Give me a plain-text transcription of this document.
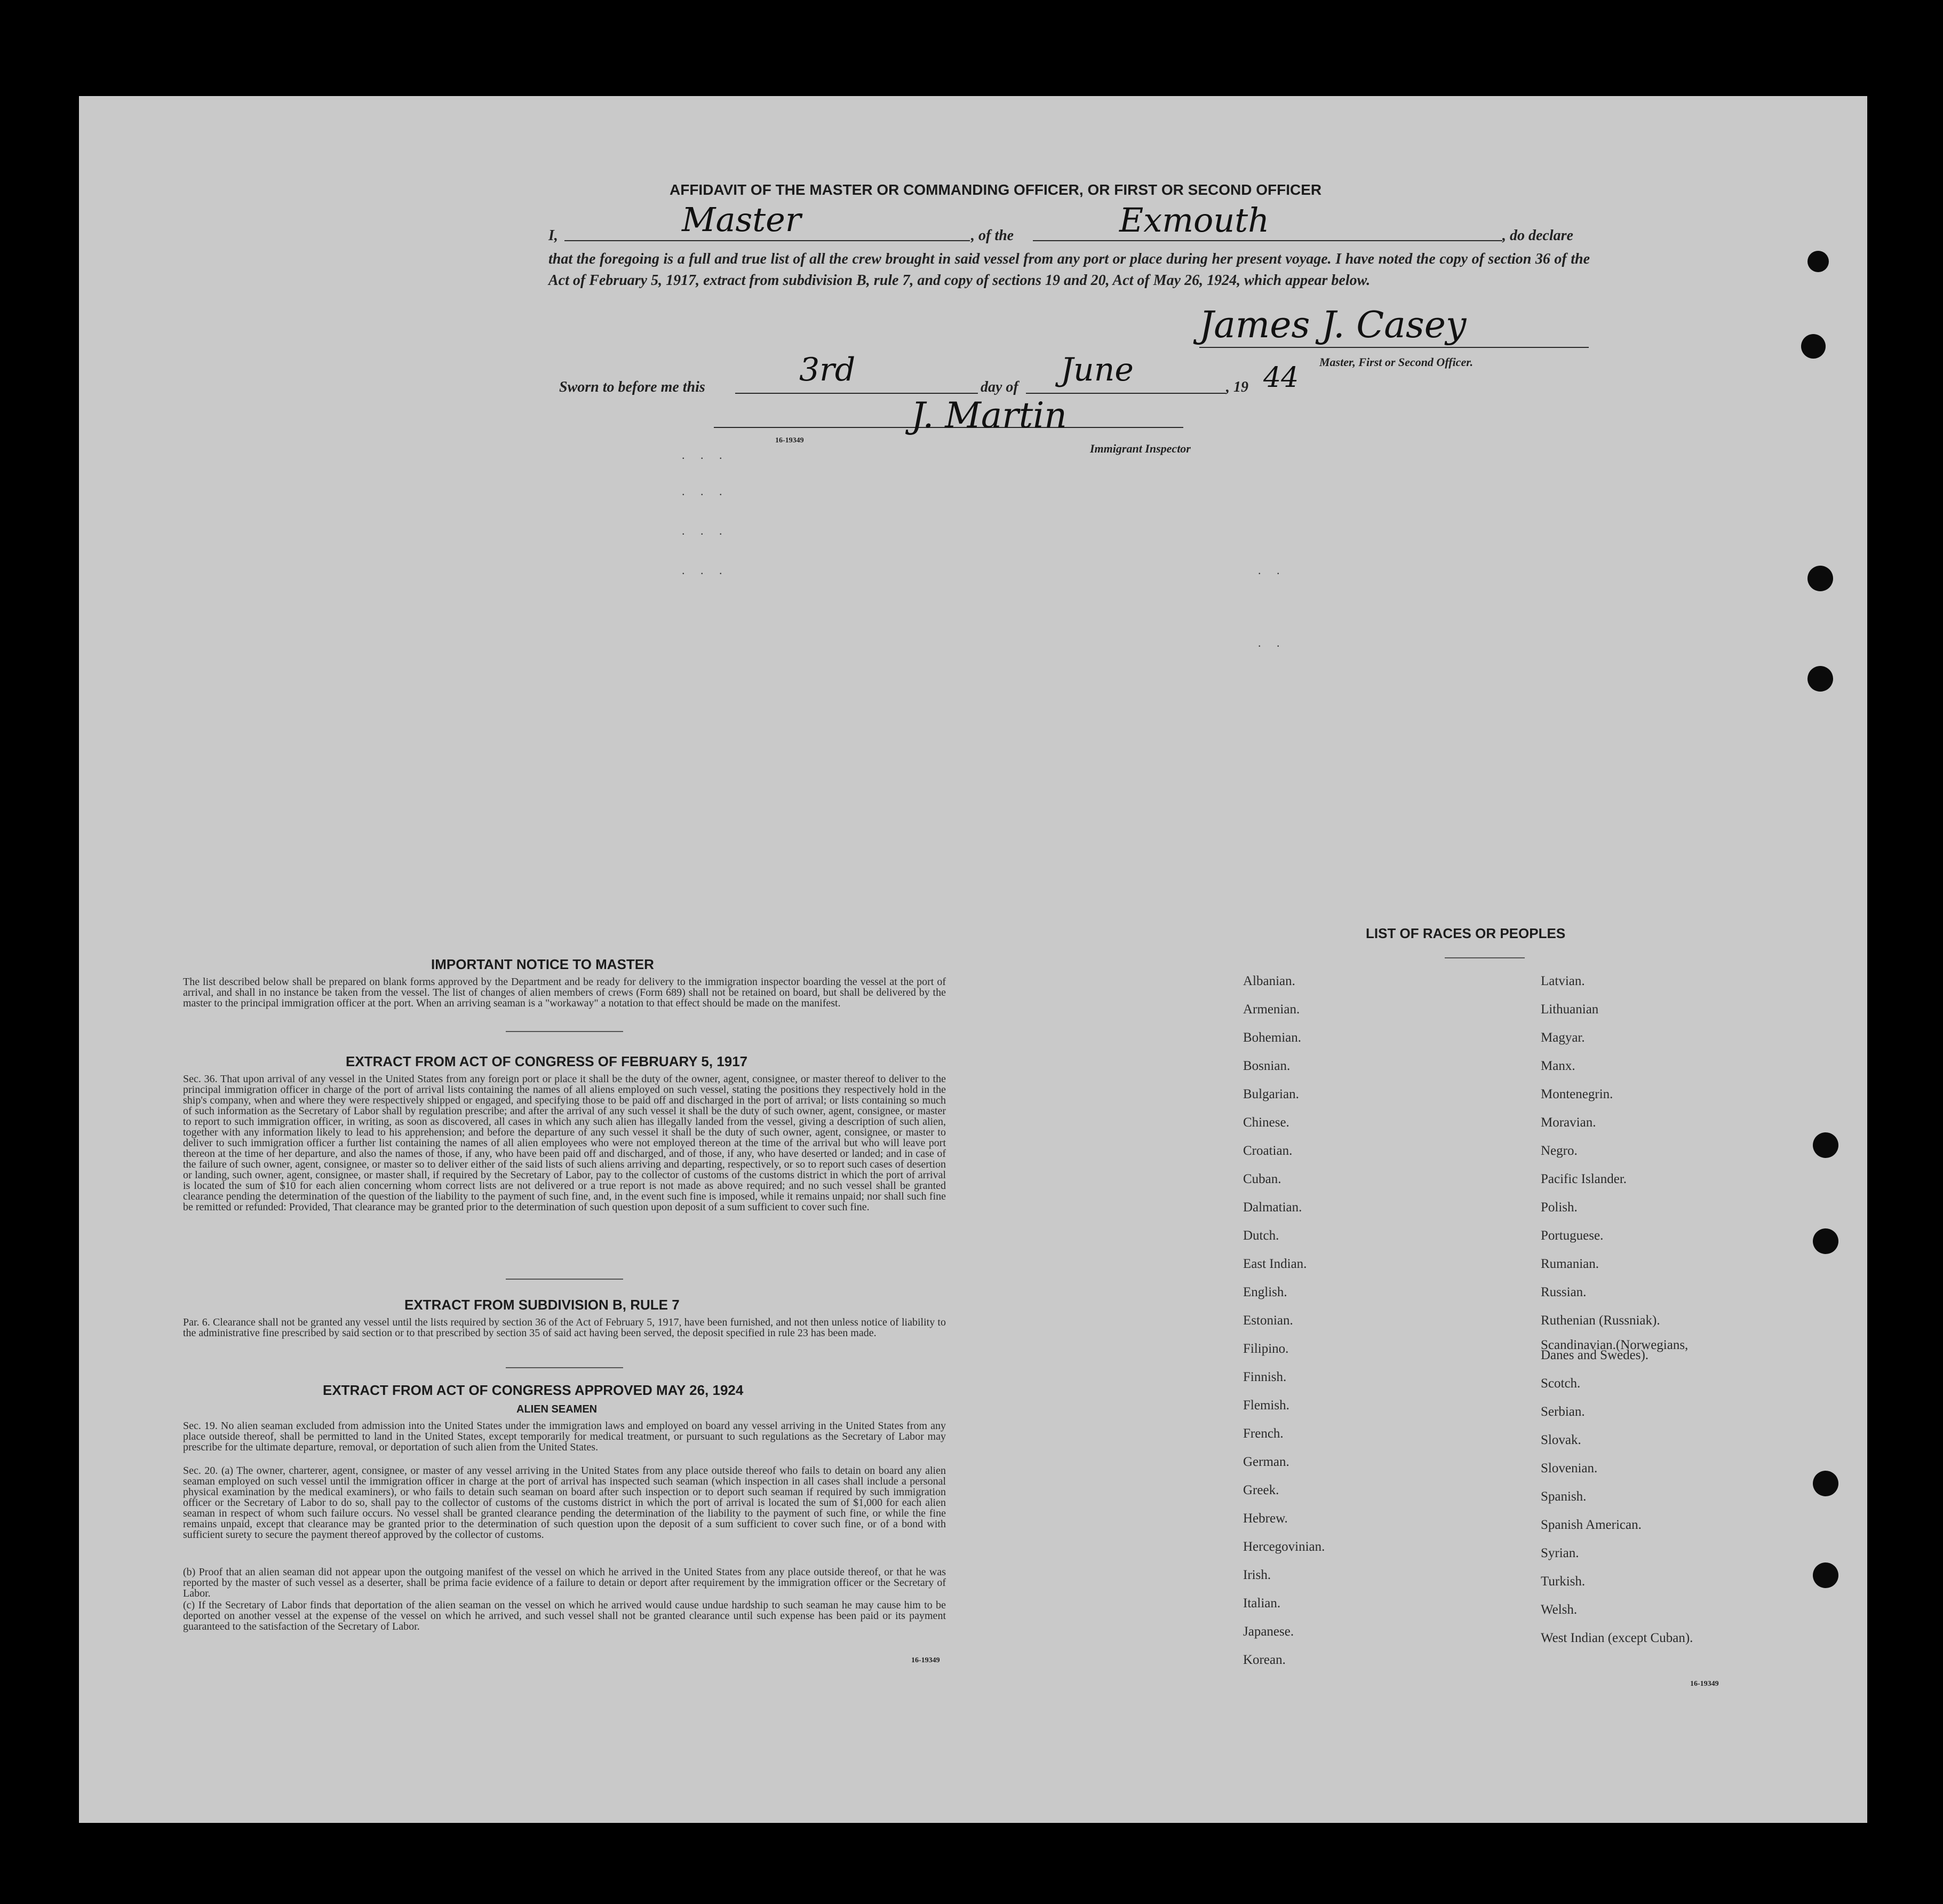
AFFIDAVIT OF THE MASTER OR COMMANDING OFFICER, OR FIRST OR SECOND OFFICER
I,	Master	, of the	Exmouth	, do declare
that the foregoing is a full and true list of all the crew brought in said vessel from any port or place during her present voyage. I have noted the copy of section 36 of the Act of February 5, 1917, extract from subdivision B, rule 7, and copy of sections 19 and 20, Act of May 26, 1924, which appear below.
James J. Casey
Master, First or Second Officer.
Sworn to before me this	3rd	day of June	, 19 44
J. Martin
16-19349
Immigrant Inspector
. . .
. . .
. . .
. . .	. .
. .
IMPORTANT NOTICE TO MASTER
The list described below shall be prepared on blank forms approved by the Department and be ready for delivery to the immigration inspector boarding the vessel at the port of arrival, and shall in no instance be taken from the vessel. The list of changes of alien members of crews (Form 689) shall not be retained on board, but shall be delivered by the master to the principal immigration officer at the port. When an arriving seaman is a "workaway" a notation to that effect should be made on the manifest.
EXTRACT FROM ACT OF CONGRESS OF FEBRUARY 5, 1917
Sec. 36. That upon arrival of any vessel in the United States from any foreign port or place it shall be the duty of the owner, agent, consignee, or master thereof to deliver to the principal immigration officer in charge of the port of arrival lists containing the names of all aliens employed on such vessel, stating the positions they respectively hold in the ship's company, when and where they were respectively shipped or engaged, and specifying those to be paid off and discharged in the port of arrival; or lists containing so much of such information as the Secretary of Labor shall by regulation prescribe; and after the arrival of any such vessel it shall be the duty of such owner, agent, consignee, or master to report to such immigration officer, in writing, as soon as discovered, all cases in which any such alien has illegally landed from the vessel, giving a description of such alien, together with any information likely to lead to his apprehension; and before the departure of any such vessel it shall be the duty of such owner, agent, consignee, or master to deliver to such immigration officer a further list containing the names of all alien employees who were not employed thereon at the time of the arrival but who will leave port thereon at the time of her departure, and also the names of those, if any, who have been paid off and discharged, and of those, if any, who have deserted or landed; and in case of the failure of such owner, agent, consignee, or master so to deliver either of the said lists of such aliens arriving and departing, respectively, or so to report such cases of desertion or landing, such owner, agent, consignee, or master shall, if required by the Secretary of Labor, pay to the collector of customs of the customs district in which the port of arrival is located the sum of $10 for each alien concerning whom correct lists are not delivered or a true report is not made as above required; and no such vessel shall be granted clearance pending the determination of the question of the liability to the payment of such fine, and, in the event such fine is imposed, while it remains unpaid; nor shall such fine be remitted or refunded: Provided, That clearance may be granted prior to the determination of such question upon deposit of a sum sufficient to cover such fine.
EXTRACT FROM SUBDIVISION B, RULE 7
Par. 6. Clearance shall not be granted any vessel until the lists required by section 36 of the Act of February 5, 1917, have been furnished, and not then unless notice of liability to the administrative fine prescribed by said section or to that prescribed by section 35 of said act having been served, the deposit specified in rule 23 has been made.
EXTRACT FROM ACT OF CONGRESS APPROVED MAY 26, 1924
ALIEN SEAMEN
Sec. 19. No alien seaman excluded from admission into the United States under the immigration laws and employed on board any vessel arriving in the United States from any place outside thereof, shall be permitted to land in the United States, except temporarily for medical treatment, or pursuant to such regulations as the Secretary of Labor may prescribe for the ultimate departure, removal, or deportation of such alien from the United States.
Sec. 20. (a) The owner, charterer, agent, consignee, or master of any vessel arriving in the United States from any place outside thereof who fails to detain on board any alien seaman employed on such vessel until the immigration officer in charge at the port of arrival has inspected such seaman (which inspection in all cases shall include a personal physical examination by the medical examiners), or who fails to detain such seaman on board after such inspection or to deport such seaman if required by such immigration officer or the Secretary of Labor to do so, shall pay to the collector of customs of the customs district in which the port of arrival is located the sum of $1,000 for each alien seaman in respect of whom such failure occurs. No vessel shall be granted clearance pending the determination of the liability to the payment of such fine, or while the fine remains unpaid, except that clearance may be granted prior to the determination of such question upon the deposit of a sum sufficient to cover such fine, or of a bond with sufficient surety to secure the payment thereof approved by the collector of customs.
(b) Proof that an alien seaman did not appear upon the outgoing manifest of the vessel on which he arrived in the United States from any place outside thereof, or that he was reported by the master of such vessel as a deserter, shall be prima facie evidence of a failure to detain or deport after requirement by the immigration officer or the Secretary of Labor.
(c) If the Secretary of Labor finds that deportation of the alien seaman on the vessel on which he arrived would cause undue hardship to such seaman he may cause him to be deported on another vessel at the expense of the vessel on which he arrived, and such vessel shall not be granted clearance until such expense has been paid or its payment guaranteed to the satisfaction of the Secretary of Labor.
16-19349
LIST OF RACES OR PEOPLES
Albanian.
Armenian.
Bohemian.
Bosnian.
Bulgarian.
Chinese.
Croatian.
Cuban.
Dalmatian.
Dutch.
East Indian.
English.
Estonian.
Filipino.
Finnish.
Flemish.
French.
German.
Greek.
Hebrew.
Hercegovinian.
Irish.
Italian.
Japanese.
Korean.
Latvian.
Lithuanian
Magyar.
Manx.
Montenegrin.
Moravian.
Negro.
Pacific Islander.
Polish.
Portuguese.
Rumanian.
Russian.
Ruthenian (Russniak).
Scandinavian.(Norwegians,
Danes and Swedes).
Scotch.
Serbian.
Slovak.
Slovenian.
Spanish.
Spanish American.
Syrian.
Turkish.
Welsh.
West Indian (except Cuban).
16-19349
